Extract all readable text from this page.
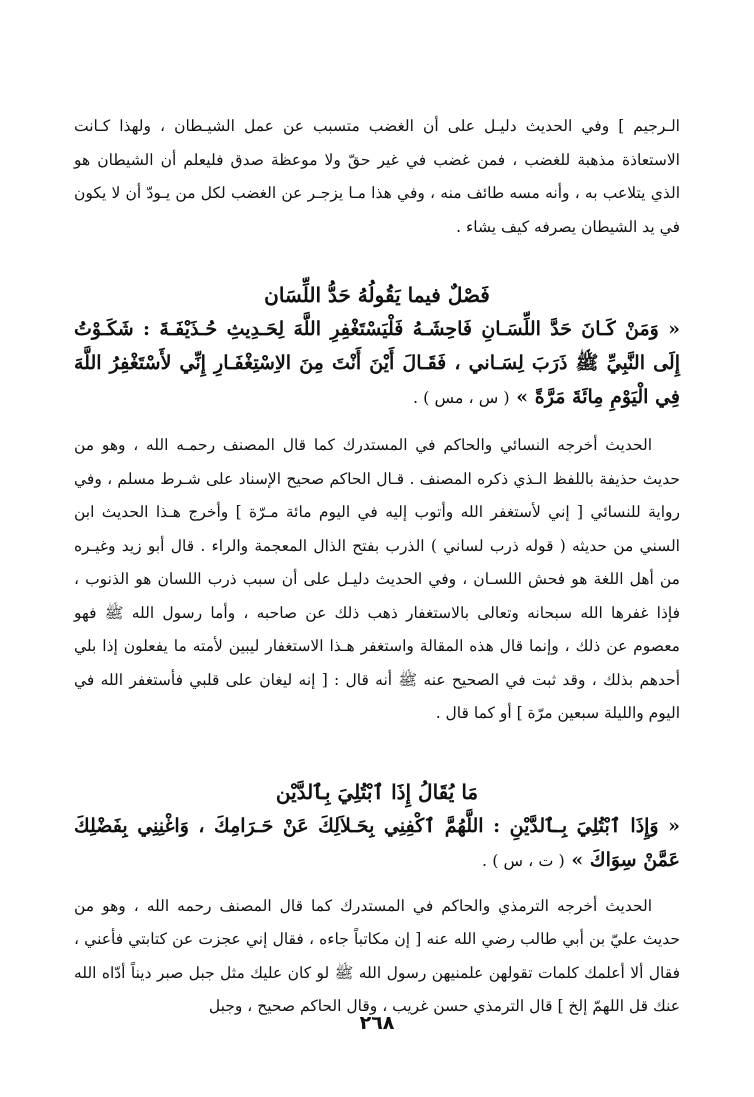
الـرجيم ] وفي الحديث دليـل على أن الغضب متسبب عن عمل الشيـطان ، ولهذا كـانت الاستعاذة مذهبة للغضب ، فمن غضب في غير حقّ ولا موعظة صدق فليعلم أن الشيطان هو الذي يتلاعب به ، وأنه مسه طائف منه ، وفي هذا مـا يزجـر عن الغضب لكل من يـودّ أن لا يكون في يد الشيطان يصرفه كيف يشاء .

فَصْلٌ فيما يَقُولُهُ حَدُّ اللِّسَان

« وَمَنْ كَـانَ حَدَّ اللِّسَـانِ فَاحِشَـهُ فَلْيَسْتَغْفِرِ اللَّهَ لِحَـدِيثِ حُـذَيْفَـةَ : شَكَـوْتُ إِلَى النَّبِيِّ ﷺ ذَرَبَ لِسَـاني ، فَقَـالَ أَيْنَ أَنْتَ مِنَ الاِسْتِغْفَـارِ إِنِّي لأَسْتَغْفِرُ اللَّهَ فِي الْيَوْمِ مِائَةَ مَرَّةً » ( س ، مس ) .

الحديث أخرجه النسائي والحاكم في المستدرك كما قال المصنف رحمـه الله ، وهو من حديث حذيفة باللفظ الـذي ذكره المصنف . قـال الحاكم صحيح الإسناد على شـرط مسلم ، وفي رواية للنسائي [ إني لأستغفر الله وأتوب إليه في اليوم مائة مـرّة ] وأخرج هـذا الحديث ابن السني من حديثه ( قوله ذرب لساني ) الذرب بفتح الذال المعجمة والراء . قال أبو زيد وغيـره من أهل اللغة هو فحش اللسـان ، وفي الحديث دليـل على أن سبب ذرب اللسان هو الذنوب ، فإذا غفرها الله سبحانه وتعالى بالاستغفار ذهب ذلك عن صاحبه ، وأما رسول الله ﷺ فهو معصوم عن ذلك ، وإنما قال هذه المقالة واستغفر هـذا الاستغفار ليبين لأمته ما يفعلون إذا بلي أحدهم بذلك ، وقد ثبت في الصحيح عنه ﷺ أنه قال : [ إنه ليغان على قلبي فأستغفر الله في اليوم والليلة سبعين مرّة ] أو كما قال .

مَا يُقَالُ إِذَا ٱبْتُلِيَ بِٱلدَّيْن

« وَإِذَا ٱبْتُلِيَ بِـٱلدَّيْنِ : اللَّهُمَّ ٱكْفِنِي بِحَـلاَلِكَ عَنْ حَـرَامِكَ ، وَاغْنِنِي بِفَضْلِكَ عَمَّنْ سِوَاكَ » ( ت ، س ) .

الحديث أخرجه الترمذي والحاكم في المستدرك كما قال المصنف رحمه الله ، وهو من حديث عليّ بن أبي طالب رضي الله عنه [ إن مكاتباً جاءه ، فقال إني عجزت عن كتابتي فأعني ، فقال ألا أعلمك كلمات تقولهن علمنيهن رسول الله ﷺ لو كان عليك مثل جبل صبر ديناً أدّاه الله عنك قل اللهمّ إلخ ] قال الترمذي حسن غريب ، وقال الحاكم صحيح ، وجبل

٢٦٨
